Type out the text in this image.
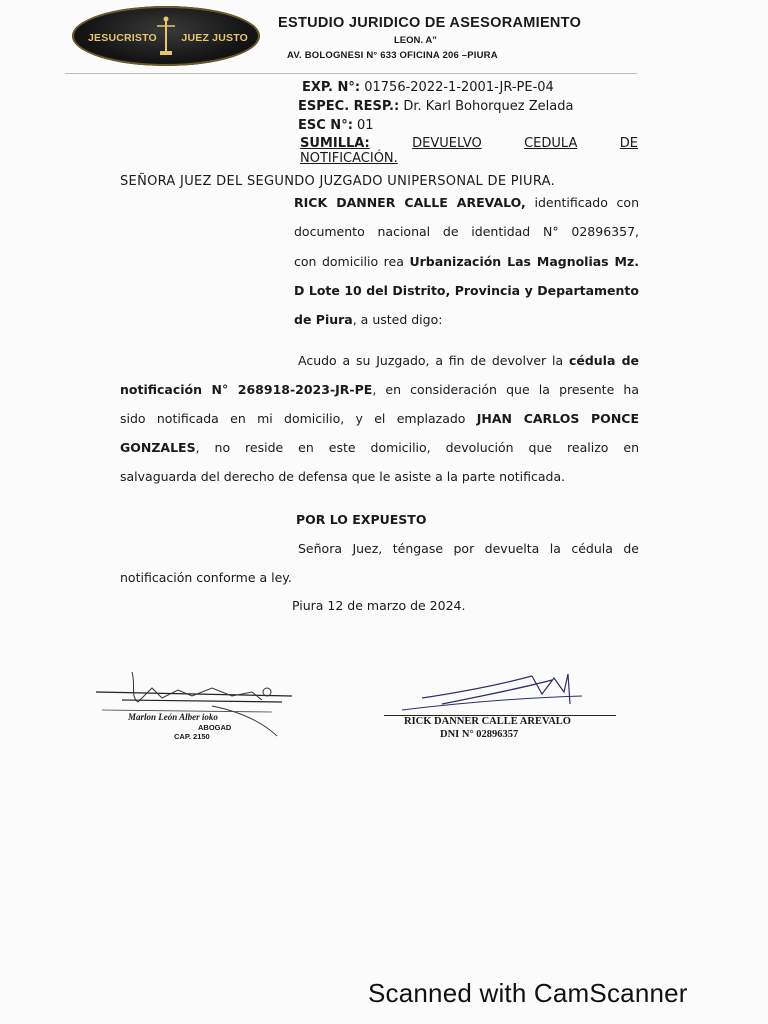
JESUCRISTO JUEZ JUSTO
ESTUDIO JURIDICO DE ASESORAMIENTO
LEON. A”
AV. BOLOGNESI N° 633 OFICINA 206 –PIURA
EXP. N°: 01756-2022-1-2001-JR-PE-04
ESPEC. RESP.: Dr. Karl Bohorquez Zelada
ESC N°: 01
SUMILLA:	DEVUELVO	CEDULA	DE
NOTIFICACIÓN.
SEÑORA JUEZ DEL SEGUNDO JUZGADO UNIPERSONAL DE PIURA.
RICK DANNER CALLE AREVALO, identificado con
documento nacional de identidad N° 02896357,
con domicilio rea Urbanización Las Magnolias Mz.
D Lote 10 del Distrito, Provincia y Departamento
de Piura, a usted digo:
Acudo a su Juzgado, a fin de devolver la cédula de
notificación N° 268918-2023-JR-PE, en consideración que la presente ha
sido notificada en mi domicilio, y el emplazado JHAN CARLOS PONCE
GONZALES, no reside en este domicilio, devolución que realizo en
salvaguarda del derecho de defensa que le asiste a la parte notificada.
POR LO EXPUESTO
Señora Juez, téngase por devuelta la cédula de
notificación conforme a ley.
Piura 12 de marzo de 2024.
Marlon León Alber ioko
ABOGAD
CAP. 2150
RICK DANNER CALLE AREVALO
DNI N° 02896357
Scanned with CamScanner
